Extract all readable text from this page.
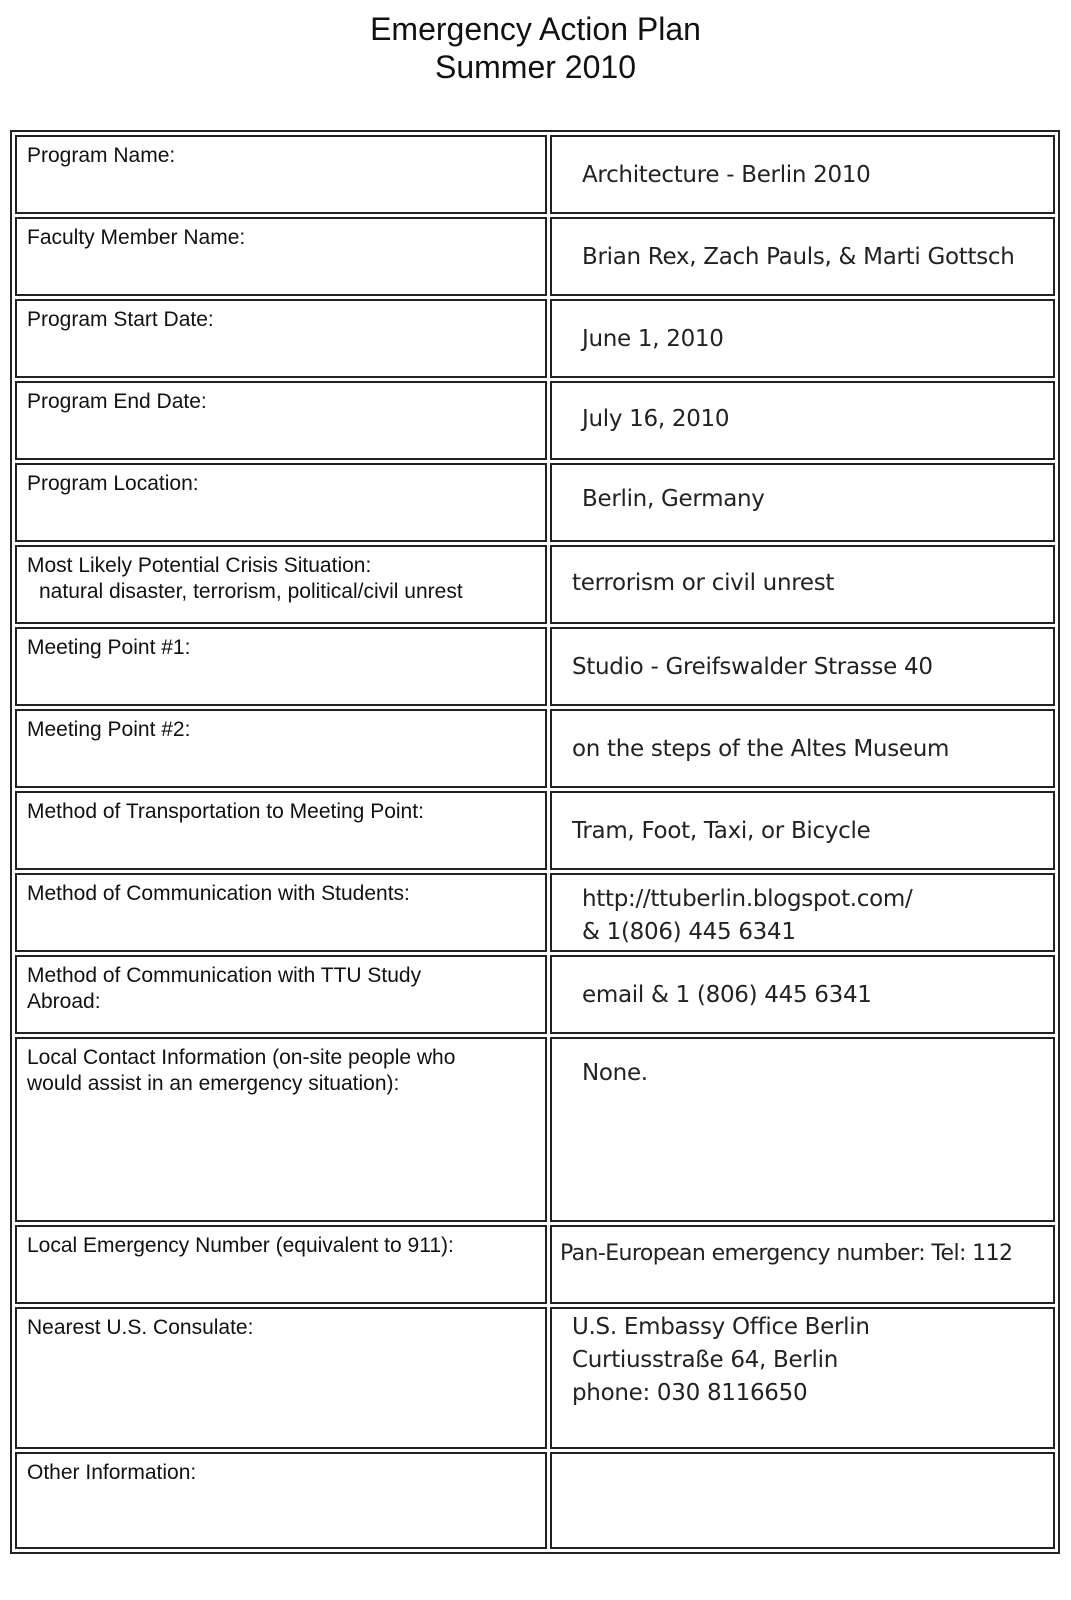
Emergency Action Plan
Summer 2010
Program Name:	Architecture - Berlin 2010

Faculty Member Name:	Brian Rex, Zach Pauls, & Marti Gottsch

Program Start Date:	June 1, 2010

Program End Date:	July 16, 2010

Program Location:	Berlin, Germany

Most Likely Potential Crisis Situation:
natural disaster, terrorism, political/civil unrest	terrorism or civil unrest

Meeting Point #1:	Studio - Greifswalder Strasse 40

Meeting Point #2:	on the steps of the Altes Museum

Method of Transportation to Meeting Point:	Tram, Foot, Taxi, or Bicycle

Method of Communication with Students:	http://ttuberlin.blogspot.com/
& 1(806) 445 6341

Method of Communication with TTU Study
Abroad:	email & 1 (806) 445 6341

Local Contact Information (on-site people who
would assist in an emergency situation):	None.

Local Emergency Number (equivalent to 911):	Pan-European emergency number: Tel: 112

Nearest U.S. Consulate:	U.S. Embassy Office Berlin
Curtiusstraße 64, Berlin
phone: 030 8116650

Other Information:	
